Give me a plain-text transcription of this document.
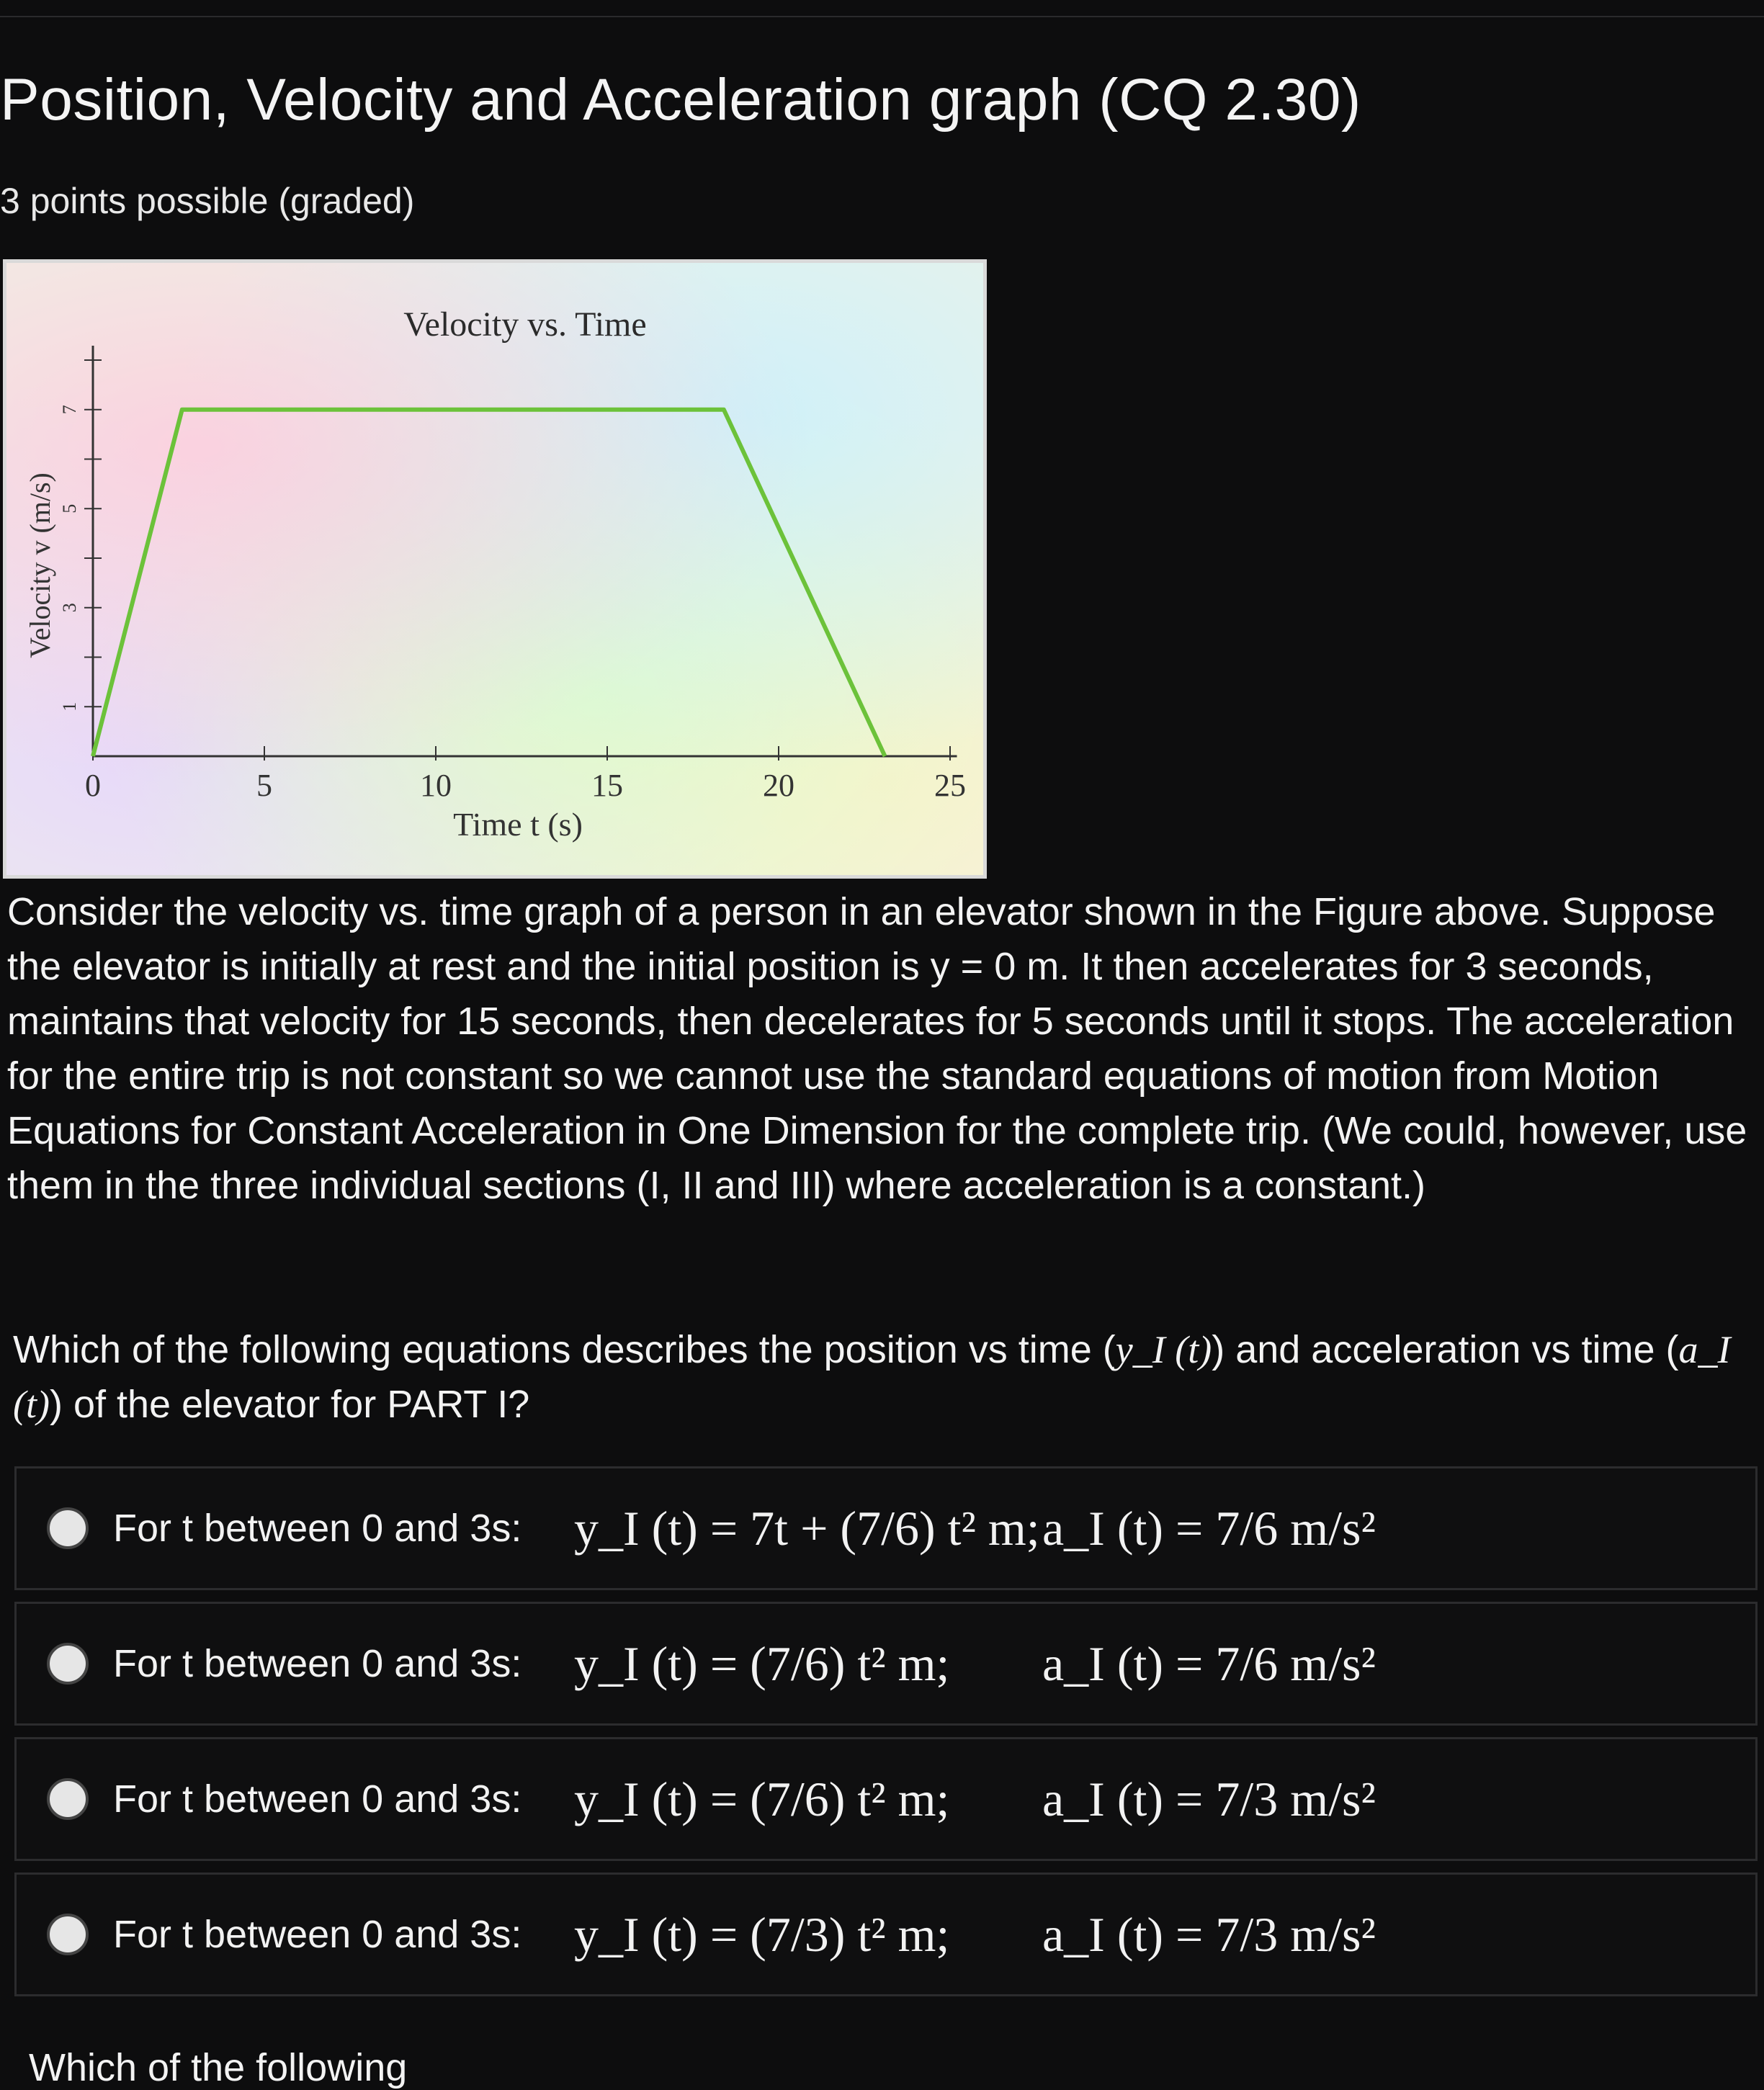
Position, Velocity and Acceleration graph (CQ 2.30)
3 points possible (graded)
Velocity vs. Time
0	5	10	15	20	25
1
3
5
7
Time t (s)
Velocity v (m/s)
Consider the velocity vs. time graph of a person in an elevator shown in the Figure above. Suppose the elevator is initially at rest and the initial position is y = 0 m. It then accelerates for 3 seconds, maintains that velocity for 15 seconds, then decelerates for 5 seconds until it stops. The acceleration for the entire trip is not constant so we cannot use the standard equations of motion from Motion Equations for Constant Acceleration in One Dimension for the complete trip. (We could, however, use them in the three individual sections (I, II and III) where acceleration is a constant.)
Which of the following equations describes the position vs time (y_I (t)) and acceleration vs time (a_I (t)) of the elevator for PART I?
For t between 0 and 3s:	y_I (t) = 7t + (7/6) t² m; a_I (t) = 7/6 m/s²
For t between 0 and 3s:	y_I (t) = (7/6) t² m;	a_I (t) = 7/6 m/s²
For t between 0 and 3s:	y_I (t) = (7/6) t² m;	a_I (t) = 7/3 m/s²
For t between 0 and 3s:	y_I (t) = (7/3) t² m;	a_I (t) = 7/3 m/s²
Which of the following
